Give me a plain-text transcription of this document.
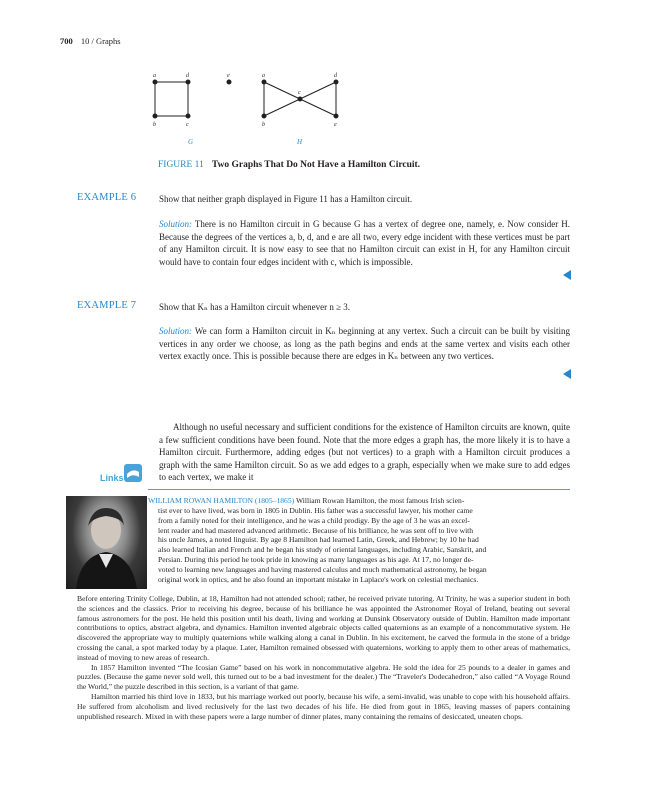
700 10 / Graphs
a	d	e
b	c
G
a	d
c
b	e
H
FIGURE 11 Two Graphs That Do Not Have a Hamilton Circuit.
EXAMPLE 6	Show that neither graph displayed in Figure 11 has a Hamilton circuit.
Solution: There is no Hamilton circuit in G because G has a vertex of degree one, namely, e. Now consider H. Because the degrees of the vertices a, b, d, and e are all two, every edge incident with these vertices must be part of any Hamilton circuit. It is now easy to see that no Hamilton circuit can exist in H, for any Hamilton circuit would have to contain four edges incident with c, which is impossible.
EXAMPLE 7	Show that Kₙ has a Hamilton circuit whenever n ≥ 3.
Solution: We can form a Hamilton circuit in Kₙ beginning at any vertex. Such a circuit can be built by visiting vertices in any order we choose, as long as the path begins and ends at the same vertex and visits each other vertex exactly once. This is possible because there are edges in Kₙ between any two vertices.
Although no useful necessary and sufficient conditions for the existence of Hamilton circuits are known, quite a few sufficient conditions have been found. Note that the more edges a graph has, the more likely it is to have a Hamilton circuit. Furthermore, adding edges (but not vertices) to a graph with a Hamilton circuit produces a graph with the same Hamilton circuit. So as we add edges to a graph, especially when we make sure to add edges to each vertex, we make it
Links
WILLIAM ROWAN HAMILTON (1805–1865) William Rowan Hamilton, the most famous Irish scien-
tist ever to have lived, was born in 1805 in Dublin. His father was a successful lawyer, his mother came
from a family noted for their intelligence, and he was a child prodigy. By the age of 3 he was an excel-
lent reader and had mastered advanced arithmetic. Because of his brilliance, he was sent off to live with
his uncle James, a noted linguist. By age 8 Hamilton had learned Latin, Greek, and Hebrew; by 10 he had
also learned Italian and French and he began his study of oriental languages, including Arabic, Sanskrit, and
Persian. During this period he took pride in knowing as many languages as his age. At 17, no longer de-
voted to learning new languages and having mastered calculus and much mathematical astronomy, he began
original work in optics, and he also found an important mistake in Laplace's work on celestial mechanics.
Before entering Trinity College, Dublin, at 18, Hamilton had not attended school; rather, he received private tutoring. At Trinity, he was a superior student in both the sciences and the classics. Prior to receiving his degree, because of his brilliance he was appointed the Astronomer Royal of Ireland, beating out several famous astronomers for the post. He held this position until his death, living and working at Dunsink Observatory outside of Dublin. Hamilton made important contributions to optics, abstract algebra, and dynamics. Hamilton invented algebraic objects called quaternions as an example of a noncommutative system. He discovered the appropriate way to multiply quaternions while walking along a canal in Dublin. In his excitement, he carved the formula in the stone of a bridge crossing the canal, a spot marked today by a plaque. Later, Hamilton remained obsessed with quaternions, working to apply them to other areas of mathematics, instead of moving to new areas of research.
In 1857 Hamilton invented “The Icosian Game” based on his work in noncommutative algebra. He sold the idea for 25 pounds to a dealer in games and puzzles. (Because the game never sold well, this turned out to be a bad investment for the dealer.) The “Traveler's Dodecahedron,” also called “A Voyage Round the World,” the puzzle described in this section, is a variant of that game.
Hamilton married his third love in 1833, but his marriage worked out poorly, because his wife, a semi-invalid, was unable to cope with his household affairs. He suffered from alcoholism and lived reclusively for the last two decades of his life. He died from gout in 1865, leaving masses of papers containing unpublished research. Mixed in with these papers were a large number of dinner plates, many containing the remains of desiccated, uneaten chops.
